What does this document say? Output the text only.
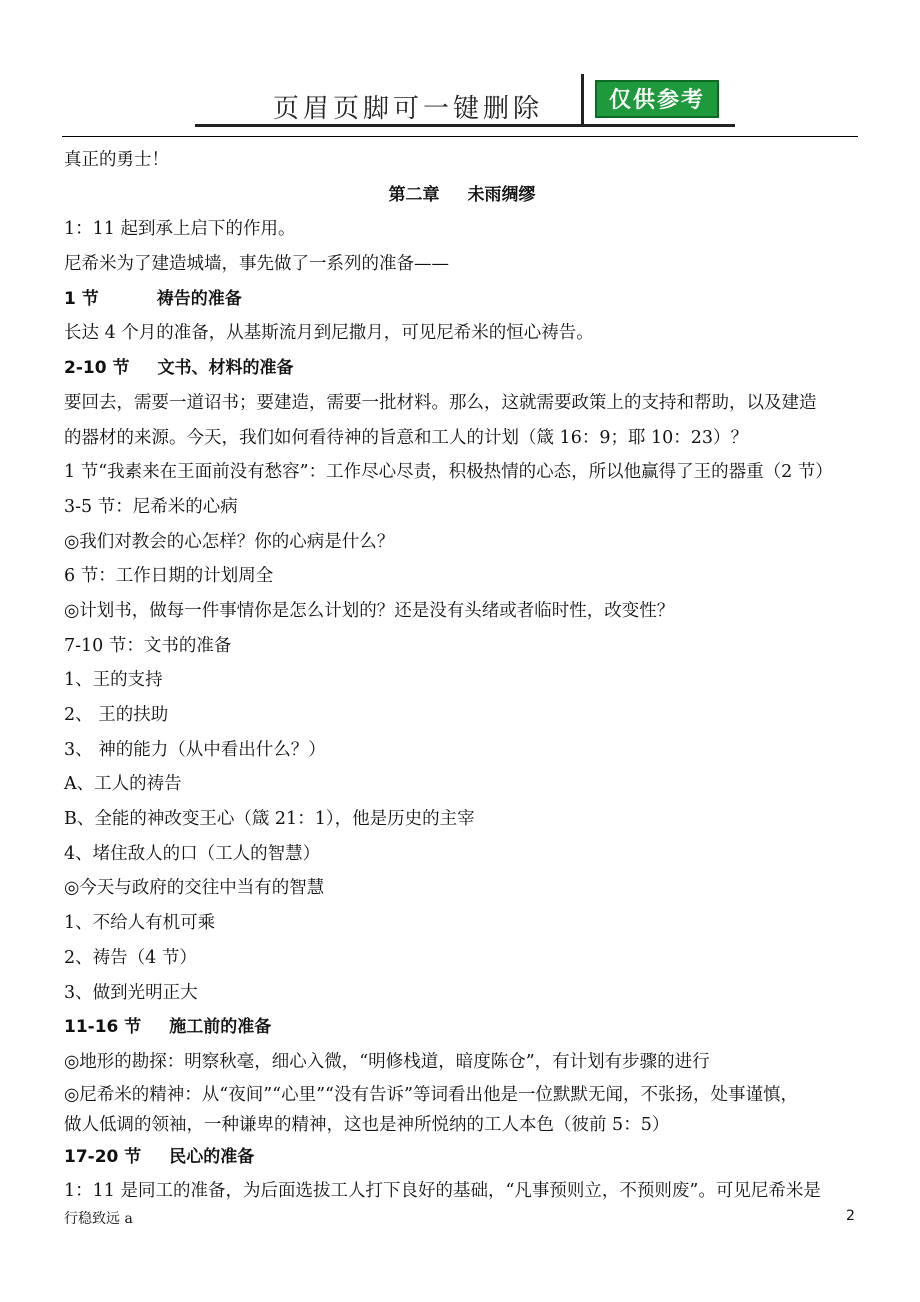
页眉页脚可一键删除	仅供参考
真正的勇士！
第二章 未雨绸缪
1：11 起到承上启下的作用。
尼希米为了建造城墙，事先做了一系列的准备——
1 节	祷告的准备
长达 4 个月的准备，从基斯流月到尼撒月，可见尼希米的恒心祷告。
2-10 节 文书、材料的准备
要回去，需要一道诏书；要建造，需要一批材料。那么，这就需要政策上的支持和帮助，以及建造
的器材的来源。今天，我们如何看待神的旨意和工人的计划（箴 16：9；耶 10：23）？
1 节“我素来在王面前没有愁容”：工作尽心尽责，积极热情的心态，所以他赢得了王的器重（2 节）
3-5 节：尼希米的心病
◎我们对教会的心怎样？你的心病是什么？
6 节：工作日期的计划周全
◎计划书，做每一件事情你是怎么计划的？还是没有头绪或者临时性，改变性？
7-10 节：文书的准备
1、王的支持
2、 王的扶助
3、 神的能力（从中看出什么？）
A、工人的祷告
B、全能的神改变王心（箴 21：1），他是历史的主宰
4、堵住敌人的口（工人的智慧）
◎今天与政府的交往中当有的智慧
1、不给人有机可乘
2、祷告（4 节）
3、做到光明正大
11-16 节 施工前的准备
◎地形的勘探：明察秋毫，细心入微，“明修栈道，暗度陈仓”，有计划有步骤的进行
◎尼希米的精神：从“夜间”“心里”“没有告诉”等词看出他是一位默默无闻，不张扬，处事谨慎，
做人低调的领袖，一种谦卑的精神，这也是神所悦纳的工人本色（彼前 5：5）
17-20 节 民心的准备
1：11 是同工的准备，为后面选拔工人打下良好的基础，“凡事预则立，不预则废”。可见尼希米是
行稳致远 a	2
